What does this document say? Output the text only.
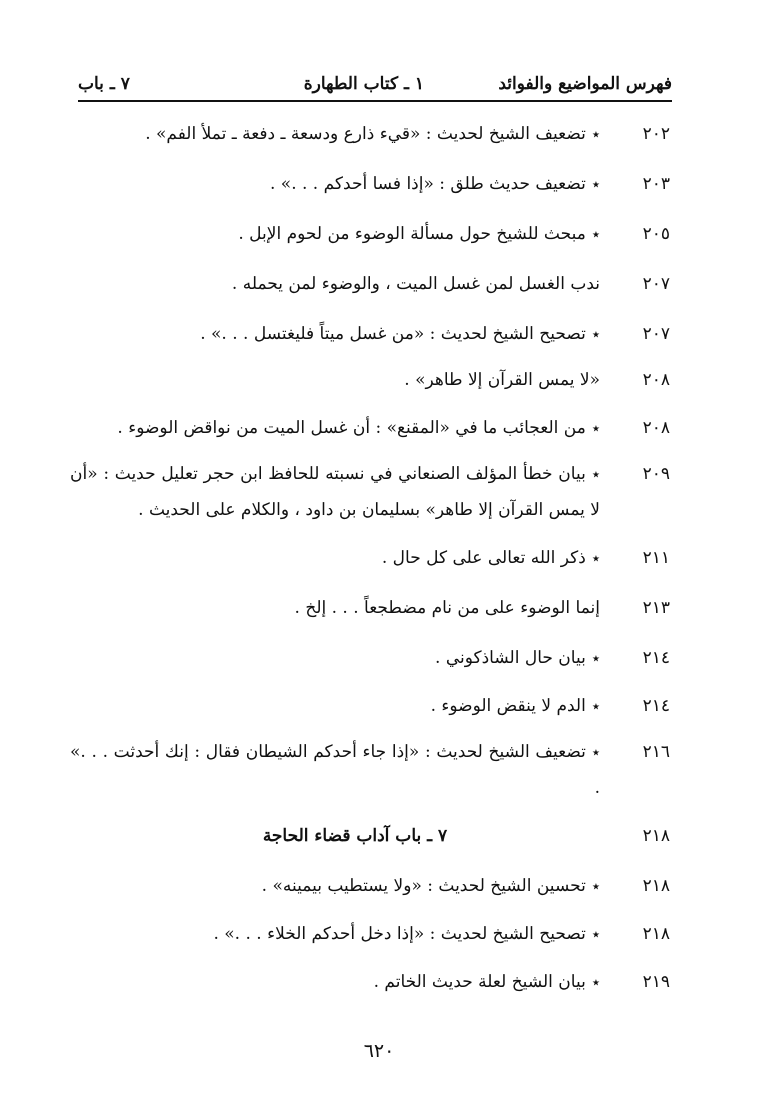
فهرس المواضيع والفوائد
١ ـ كتاب الطهارة
٧ ـ باب
٢٠٢
٭تضعيف الشيخ لحديث : «قيء ذارع ودسعة ـ دفعة ـ تملأ الفم» .
٢٠٣
٭تضعيف حديث طلق : «إذا فسا أحدكم . . .» .
٢٠٥
٭مبحث للشيخ حول مسألة الوضوء من لحوم الإبل .
٢٠٧
ندب الغسل لمن غسل الميت ، والوضوء لمن يحمله .
٢٠٧
٭تصحيح الشيخ لحديث : «من غسل ميتاً فليغتسل . . .» .
٢٠٨
«لا يمس القرآن إلا طاهر» .
٢٠٨
٭من العجائب ما في «المقنع» : أن غسل الميت من نواقض الوضوء .
٢٠٩
٭بيان خطأ المؤلف الصنعاني في نسبته للحافظ ابن حجر تعليل حديث : «أن لا يمس القرآن إلا طاهر» بسليمان بن داود ، والكلام على الحديث .
٢١١
٭ذكر الله تعالى على كل حال .
٢١٣
إنما الوضوء على من نام مضطجعاً . . . إلخ .
٢١٤
٭بيان حال الشاذكوني .
٢١٤
٭الدم لا ينقض الوضوء .
٢١٦
٭تضعيف الشيخ لحديث : «إذا جاء أحدكم الشيطان فقال : إنك أحدثت . . .» .
٢١٨
٧ ـ باب آداب قضاء الحاجة
٢١٨
٭تحسين الشيخ لحديث : «ولا يستطيب بيمينه» .
٢١٨
٭تصحيح الشيخ لحديث : «إذا دخل أحدكم الخلاء . . .» .
٢١٩
٭بيان الشيخ لعلة حديث الخاتم .
٦٢٠
